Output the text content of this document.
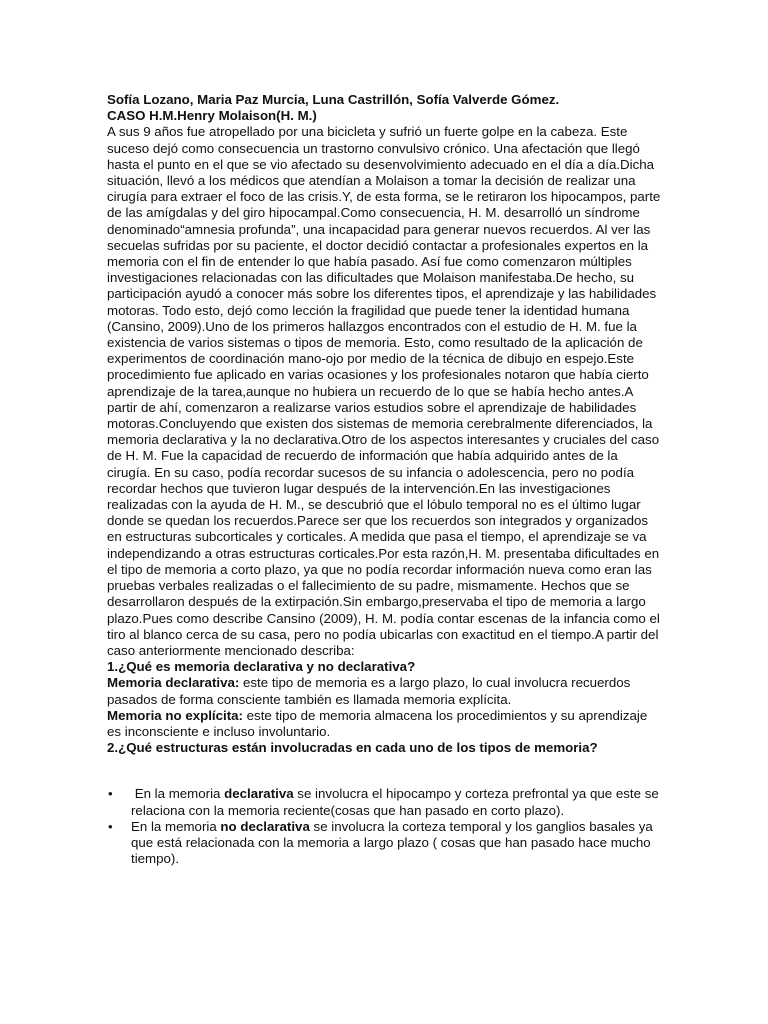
Sofía Lozano, Maria Paz Murcia, Luna Castrillón, Sofía Valverde Gómez.

CASO H.M.Henry Molaison(H. M.)

A sus 9 años fue atropellado por una bicicleta y sufrió un fuerte golpe en la cabeza. Este suceso dejó como consecuencia un trastorno convulsivo crónico. Una afectación que llegó hasta el punto en el que se vio afectado su desenvolvimiento adecuado en el día a día.Dicha situación, llevó a los médicos que atendían a Molaison a tomar la decisión de realizar una cirugía para extraer el foco de las crisis.Y, de esta forma, se le retiraron los hipocampos, parte de las amígdalas y del giro hipocampal.Como consecuencia, H. M. desarrolló un síndrome denominado“amnesia profunda”, una incapacidad para generar nuevos recuerdos. Al ver las secuelas sufridas por su paciente, el doctor decidió contactar a profesionales expertos en la memoria con el fin de entender lo que había pasado. Así fue como comenzaron múltiples investigaciones relacionadas con las dificultades que Molaison manifestaba.De hecho, su participación ayudó a conocer más sobre los diferentes tipos, el aprendizaje y las habilidades motoras. Todo esto, dejó como lección la fragilidad que puede tener la identidad humana (Cansino, 2009).Uno de los primeros hallazgos encontrados con el estudio de H. M. fue la existencia de varios sistemas o tipos de memoria. Esto, como resultado de la aplicación de experimentos de coordinación mano-ojo por medio de la técnica de dibujo en espejo.Este procedimiento fue aplicado en varias ocasiones y los profesionales notaron que había cierto aprendizaje de la tarea,aunque no hubiera un recuerdo de lo que se había hecho antes.A partir de ahí, comenzaron a realizarse varios estudios sobre el aprendizaje de habilidades motoras.Concluyendo que existen dos sistemas de memoria cerebralmente diferenciados, la memoria declarativa y la no declarativa.Otro de los aspectos interesantes y cruciales del caso de H. M. Fue la capacidad de recuerdo de información que había adquirido antes de la cirugía. En su caso, podía recordar sucesos de su infancia o adolescencia, pero no podía recordar hechos que tuvieron lugar después de la intervención.En las investigaciones realizadas con la ayuda de H. M., se descubrió que el lóbulo temporal no es el último lugar donde se quedan los recuerdos.Parece ser que los recuerdos son integrados y organizados en estructuras subcorticales y corticales. A medida que pasa el tiempo, el aprendizaje se va independizando a otras estructuras corticales.Por esta razón,H. M. presentaba dificultades en el tipo de memoria a corto plazo, ya que no podía recordar información nueva como eran las pruebas verbales realizadas o el fallecimiento de su padre, mismamente. Hechos que se desarrollaron después de la extirpación.Sin embargo,preservaba el tipo de memoria a largo plazo.Pues como describe Cansino (2009), H. M. podía contar escenas de la infancia como el tiro al blanco cerca de su casa, pero no podía ubicarlas con exactitud en el tiempo.A partir del caso anteriormente mencionado describa:

1.¿Qué es memoria declarativa y no declarativa?

Memoria declarativa: este tipo de memoria es a largo plazo, lo cual involucra recuerdos pasados de forma consciente también es llamada memoria explícita.

Memoria no explícita: este tipo de memoria almacena los procedimientos y su aprendizaje es inconsciente e incluso involuntario.

2.¿Qué estructuras están involucradas en cada uno de los tipos de memoria?

• En la memoria declarativa se involucra el hipocampo y corteza prefrontal ya que este se relaciona con la memoria reciente(cosas que han pasado en corto plazo).
• En la memoria no declarativa se involucra la corteza temporal y los ganglios basales ya que está relacionada con la memoria a largo plazo ( cosas que han pasado hace mucho tiempo).
